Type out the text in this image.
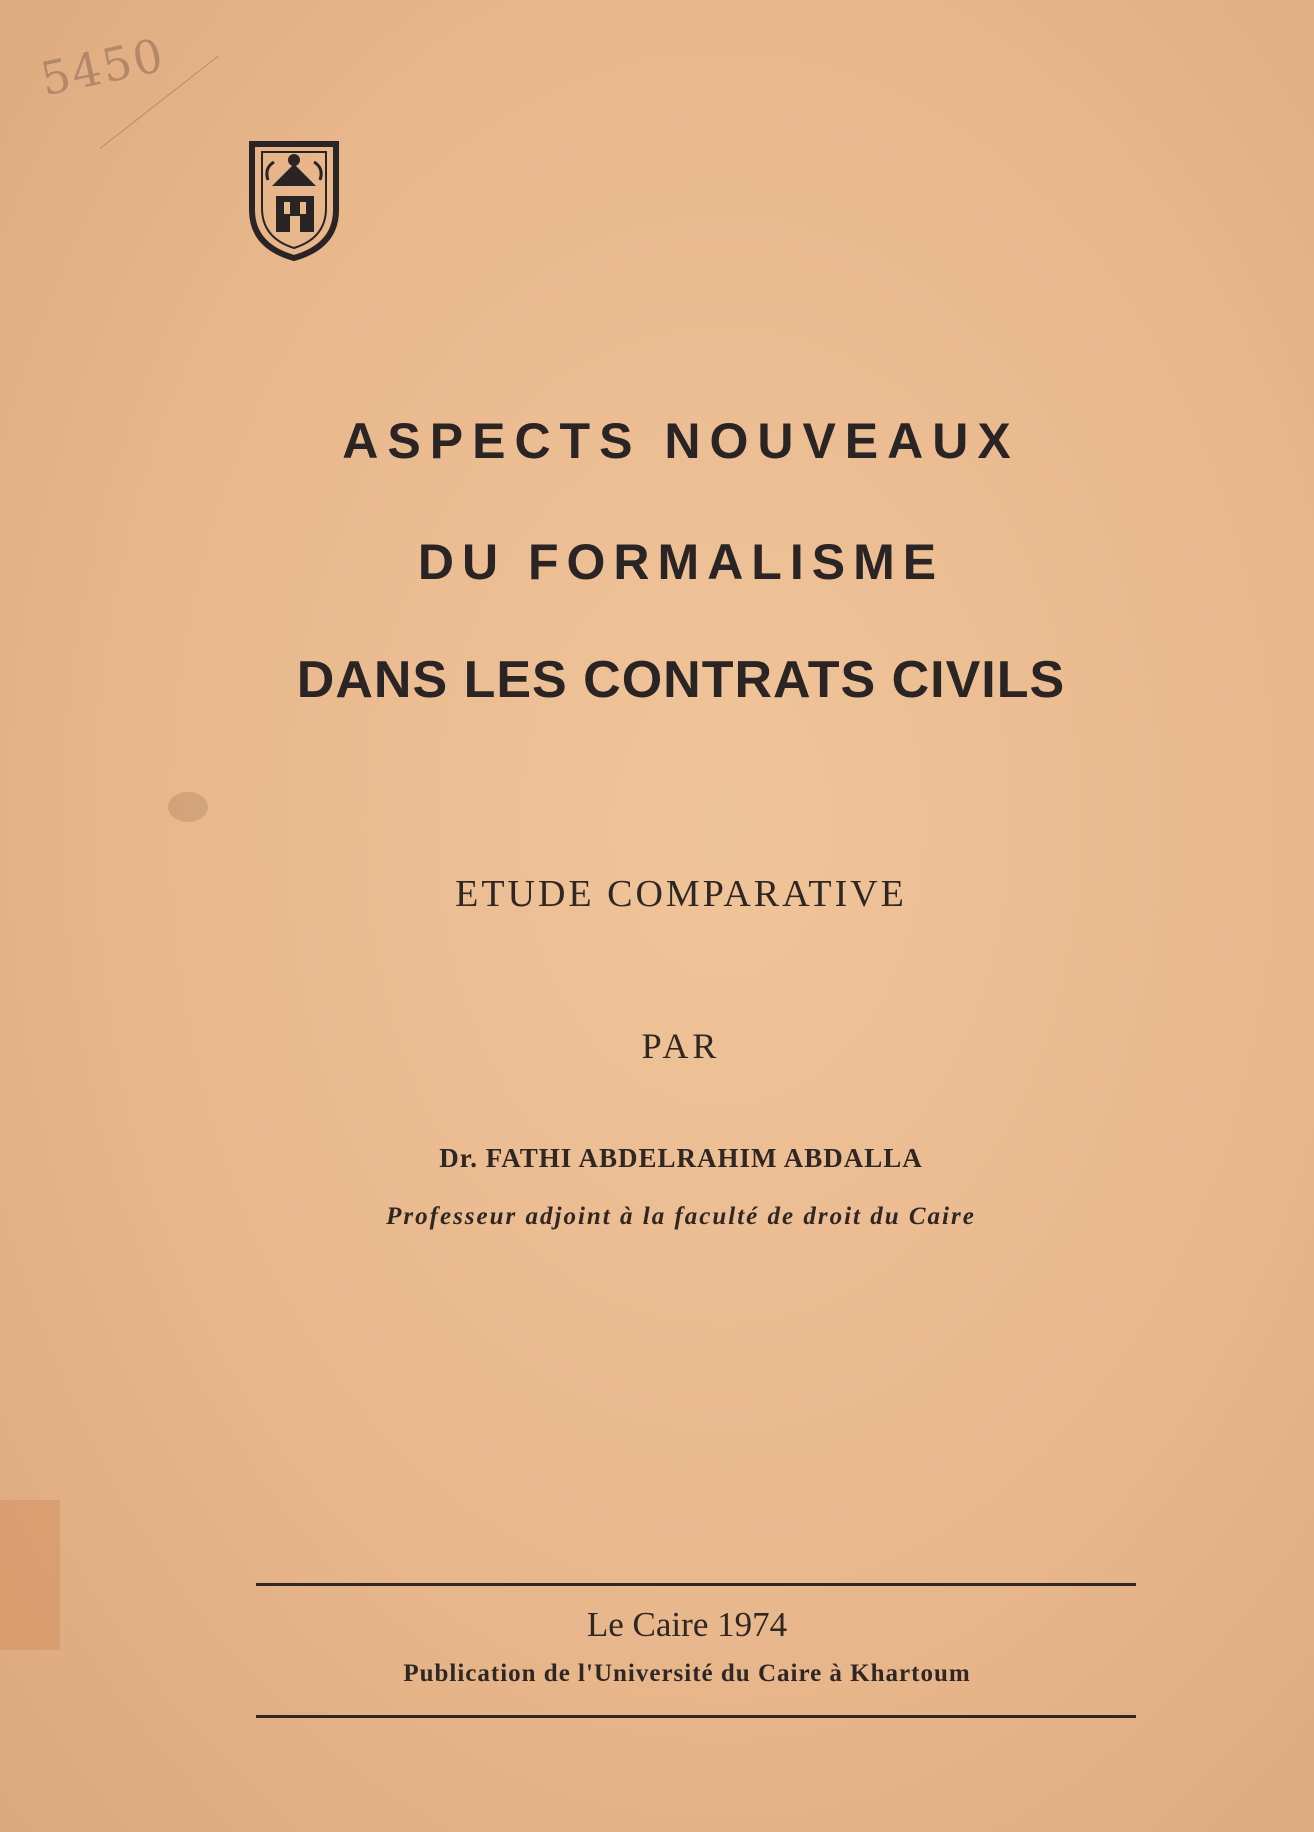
5450
ASPECTS NOUVEAUX
DU FORMALISME
DANS LES CONTRATS CIVILS
ETUDE COMPARATIVE
PAR
Dr. FATHI ABDELRAHIM ABDALLA
Professeur adjoint à la faculté de droit du Caire
Le Caire 1974
Publication de l'Université du Caire à Khartoum
